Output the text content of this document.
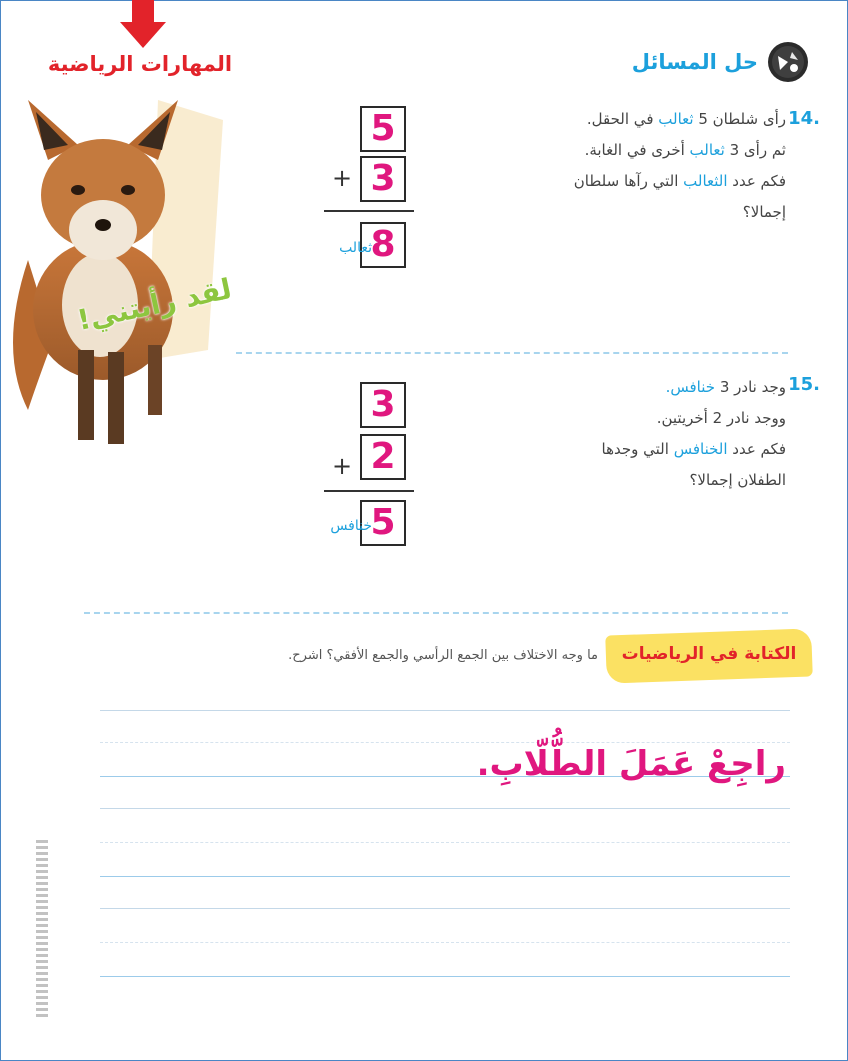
المهارات الرياضية
لقد رأيتني!
حل المسائل
14.
رأى شلطان 5 ثعالب في الحقل.
ثم رأى 3 ثعالب أخرى في الغابة.
فكم عدد الثعالب التي رآها سلطان
إجمالا؟
5
3
+
8
ثعالب
15.
وجد نادر 3 خنافس.
ووجد نادر 2 أخريتين.
فكم عدد الخنافس التي وجدها
الطفلان إجمالا؟
3
2
+
5
خنافس
الكتابة في الرياضيات
ما وجه الاختلاف بين الجمع الرأسي والجمع الأفقي؟ اشرح.
راجِعْ عَمَلَ الطُّلّابِ.
